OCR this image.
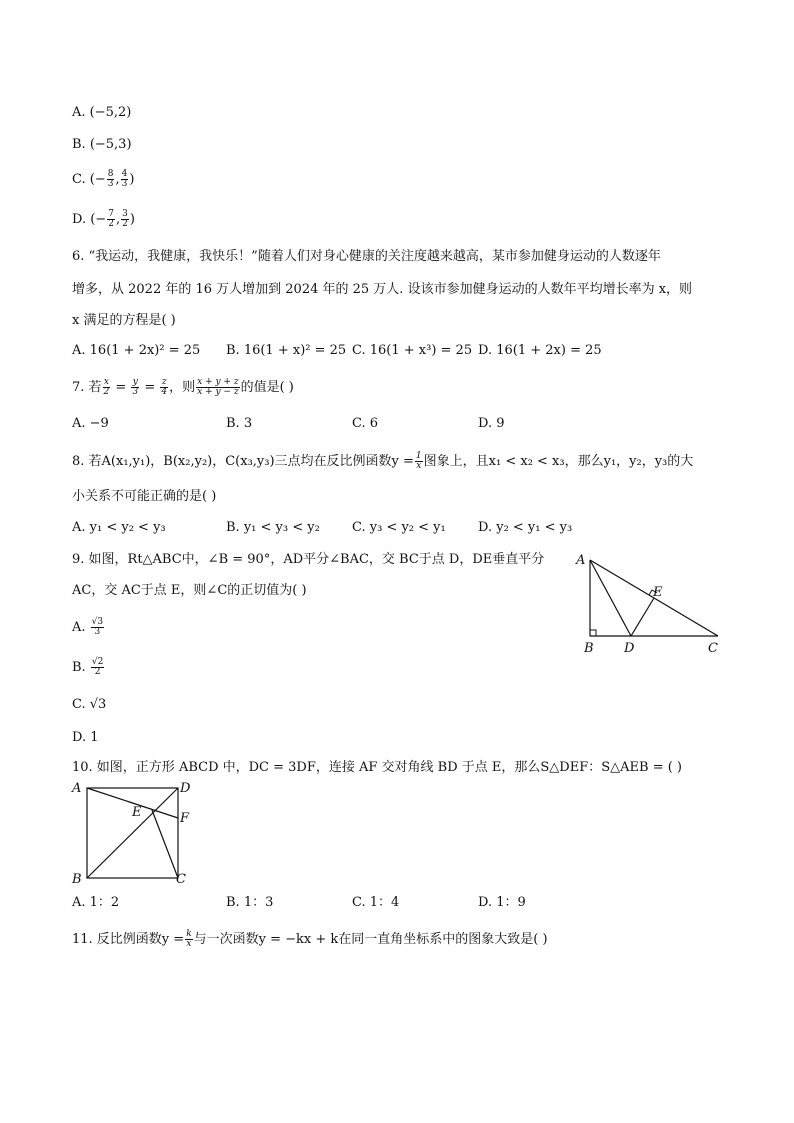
A. (−5,2)
B. (−5,3)
C. (− $\frac{8}{3}$ , $\frac{4}{3}$ )
D. (− $\frac{7}{2}$ , $\frac{3}{2}$ )
6. “我运动，我健康，我快乐！”随着人们对身心健康的关注度越来越高，某市参加健身运动的人数逐年
增多，从 2022 年的 16 万人增加到 2024 年的 25 万人. 设该市参加健身运动的人数年平均增长率为 x，则
x 满足的方程是( )
A. 16(1 + 2x)² = 25 B. 16(1 + x)² = 25 C. 16(1 + x³) = 25 D. 16(1 + 2x) = 25
7. 若 $\frac{x}{2} = \frac{y}{3} = \frac{z}{4}$ ，则 $\frac{x + y + z}{x + y - z}$ 的值是( )
A. −9	B. 3	C. 6	D. 9
8. 若A(x₁,y₁)，B(x₂,y₂)，C(x₃,y₃)三点均在反比例函数$y = \frac{1}{x}$ 图象上，且x₁ < x₂ < x₃，那么y₁，y₂，y₃的大
小关系不可能正确的是( )
A. y₁ < y₂ < y₃	B. y₁ < y₃ < y₂ C. y₃ < y₂ < y₁ D. y₂ < y₁ < y₃
9. 如图，Rt△ABC中，∠B = 90°，AD平分∠BAC，交 BC于点 D，DE垂直平分
AC，交 AC于点 E，则∠C的正切值为( )
A. $\frac{√3}{3}$
B. $\frac{√2}{2}$
C. √3
D. 1
A
B	C
D
E
10. 如图，正方形 ABCD 中，DC = 3DF，连接 AF 交对角线 BD 于点 E，那么S△DEF：S△AEB = ( )
A	D
B	C
E	F
A. 1：2	B. 1：3	C. 1：4	D. 1：9
11. 反比例函数$y = \frac{k}{x}$ 与一次函数y = −kx + k在同一直角坐标系中的图象大致是( )
